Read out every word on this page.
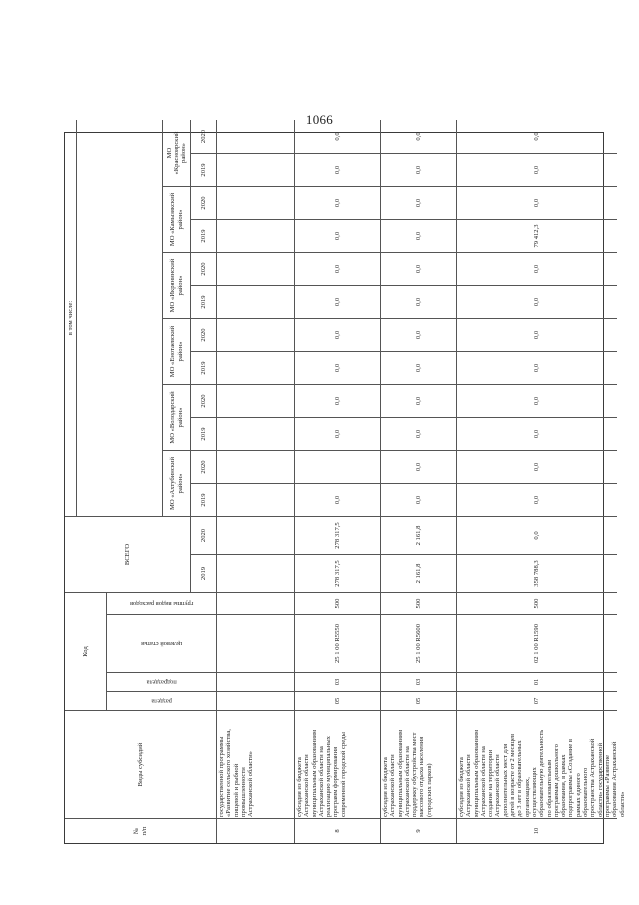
1066
№
п/п
Виды субсидий
Код
раздела
подраздела
целевой статьи
группы видов расходов
ВСЕГО
2019
2020
в том числе:
МО «Ахтубинский
район»
2019
2020
МО «Володарский
район»
2019
2020
МО «Енотаевский
район»
2019
2020
МО «Икрянинский
район»
2019
2020
МО «Камызякский
район»
2019
2020
МО
«Красноярский
район»
2019
2020
государственной программы
«Развитие сельского хозяйства,
пищевой и рыбной
промышленности
Астраханской области»
8
субсидия из бюджета
Астраханской области
муниципальным образованиям
Астраханской области на
реализацию муниципальных
программ формирования
современной городской среды
05
03
25 1 00 R5550
500
278 317,5
278 317,5
0,0
0,0
0,0
0,0
0,0
0,0
0,0
0,0
0,0
0,0
0,0
9
субсидия из бюджета
Астраханской области
муниципальным образованиям
Астраханской области на
поддержку обустройства мест
массового отдыха населения
(городских парков)
05
03
25 1 00 R5600
500
2 161,8
2 161,8
0,0
0,0
0,0
0,0
0,0
0,0
0,0
0,0
0,0
0,0
0,0
0,0
10
субсидия из бюджета
Астраханской области
муниципальным образованиям
Астраханской области на
создание на территории
Астраханской области
дополнительных мест для
детей в возрасте от 2 месяцев
до 3 лет в образовательных
организациях,
осуществляющих
образовательную деятельность
по образовательным
программам дошкольного
образования, в рамках
подпрограммы «Создание в
рамках единого
образовательного
пространства Астраханской
области» государственной
программы «Развитие
образования Астраханской
области»
07
01
02 1 00 R1590
500
358 788,3
0,0
0,0
0,0
0,0
0,0
0,0
0,0
0,0
0,0
79 412,3
0,0
0,0
0,0
